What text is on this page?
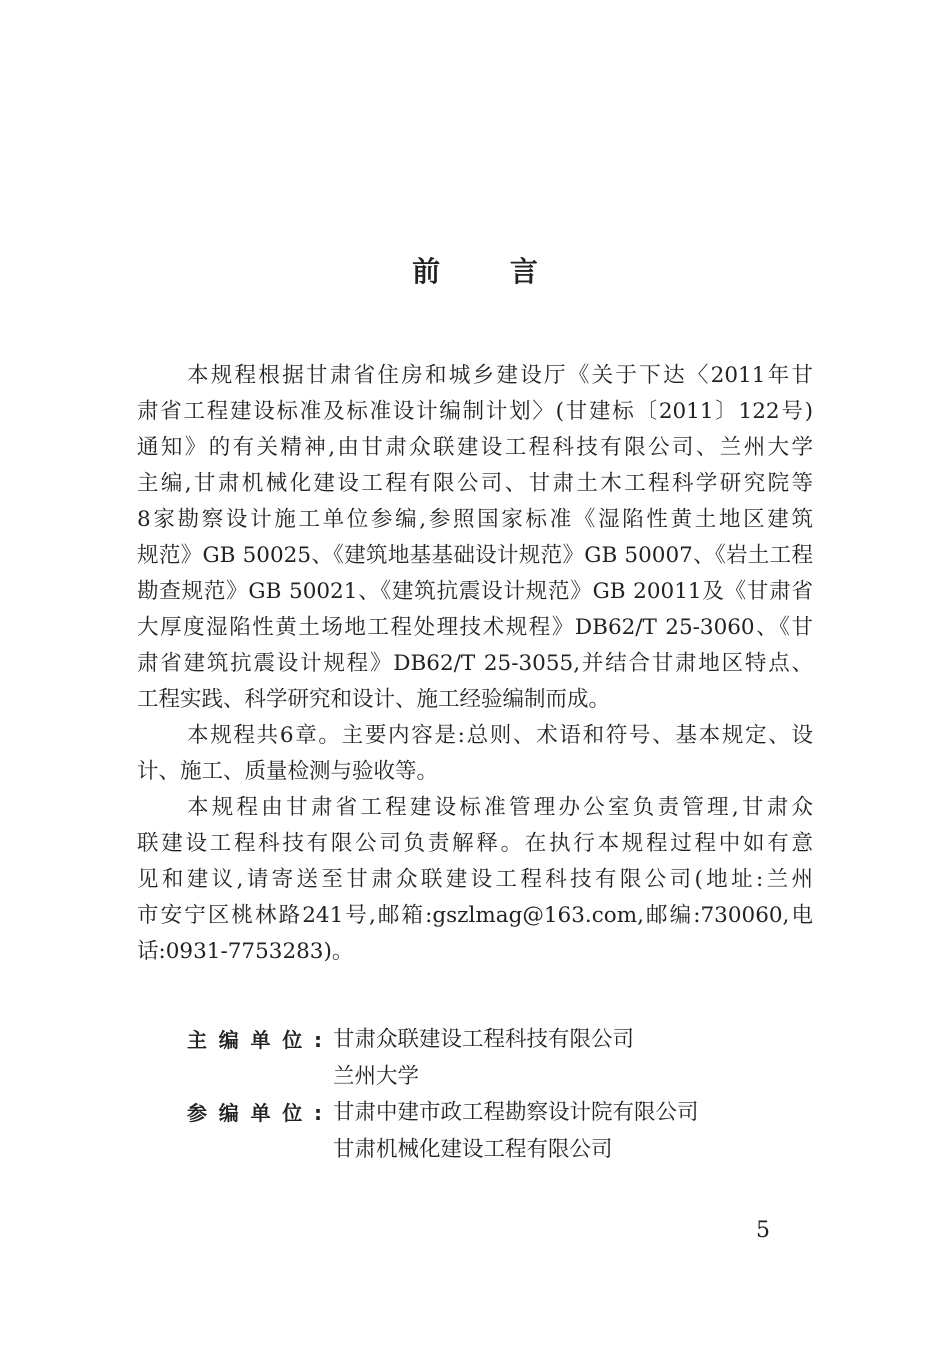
前 言
本规程根据甘肃省住房和城乡建设厅《关于下达〈2011年甘
肃省工程建设标准及标准设计编制计划〉(甘建标〔2011〕122号)
通知》的有关精神,由甘肃众联建设工程科技有限公司、兰州大学
主编,甘肃机械化建设工程有限公司、甘肃土木工程科学研究院等
8家勘察设计施工单位参编,参照国家标准《湿陷性黄土地区建筑
规范》GB 50025、《建筑地基基础设计规范》GB 50007、《岩土工程
勘查规范》GB 50021、《建筑抗震设计规范》GB 20011及《甘肃省
大厚度湿陷性黄土场地工程处理技术规程》DB62/T 25-3060、《甘
肃省建筑抗震设计规程》DB62/T 25-3055,并结合甘肃地区特点、
工程实践、科学研究和设计、施工经验编制而成。
本规程共6章。主要内容是:总则、术语和符号、基本规定、设
计、施工、质量检测与验收等。
本规程由甘肃省工程建设标准管理办公室负责管理,甘肃众
联建设工程科技有限公司负责解释。在执行本规程过程中如有意
见和建议,请寄送至甘肃众联建设工程科技有限公司(地址:兰州
市安宁区桃林路241号,邮箱:gszlmag@163.com,邮编:730060,电
话:0931-7753283)。
主编单位: 甘肃众联建设工程科技有限公司
兰州大学
参编单位: 甘肃中建市政工程勘察设计院有限公司
甘肃机械化建设工程有限公司
5
